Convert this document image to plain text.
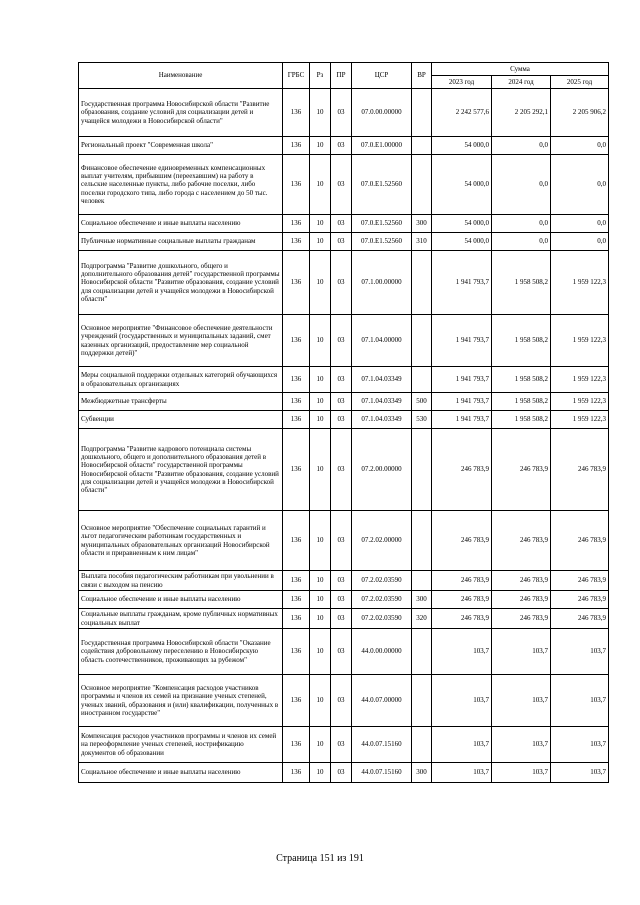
Наименование	ГРБС	Рз	ПР	ЦСР	ВР	Сумма		
						2023 год	2024 год	2025 год
Государственная программа Новосибирской области "Развитие образования, создание условий для социализации детей и учащейся молодежи в Новосибирской области"	136	10	03	07.0.00.00000		2 242 577,6	2 205 292,1	2 205 906,2
Региональный проект "Современная школа"	136	10	03	07.0.E1.00000		54 000,0	0,0	0,0
Финансовое обеспечение единовременных компенсационных выплат учителям, прибывшим (переехавшим) на работу в сельские населенные пункты, либо рабочие поселки, либо поселки городского типа, либо города с населением до 50 тыс. человек	136	10	03	07.0.E1.52560		54 000,0	0,0	0,0
Социальное обеспечение и иные выплаты населению	136	10	03	07.0.E1.52560	300	54 000,0	0,0	0,0
Публичные нормативные социальные выплаты гражданам	136	10	03	07.0.E1.52560	310	54 000,0	0,0	0,0
Подпрограмма "Развитие дошкольного, общего и дополнительного образования детей" государственной программы Новосибирской области "Развитие образования, создание условий для социализации детей и учащейся молодежи в Новосибирской области"	136	10	03	07.1.00.00000		1 941 793,7	1 958 508,2	1 959 122,3
Основное мероприятие "Финансовое обеспечение деятельности учреждений (государственных и муниципальных заданий, смет казенных организаций, предоставление мер социальной поддержки детей)"	136	10	03	07.1.04.00000		1 941 793,7	1 958 508,2	1 959 122,3
Меры социальной поддержки отдельных категорий обучающихся в образовательных организациях	136	10	03	07.1.04.03349		1 941 793,7	1 958 508,2	1 959 122,3
Межбюджетные трансферты	136	10	03	07.1.04.03349	500	1 941 793,7	1 958 508,2	1 959 122,3
Субвенции	136	10	03	07.1.04.03349	530	1 941 793,7	1 958 508,2	1 959 122,3
Подпрограмма "Развитие кадрового потенциала системы дошкольного, общего и дополнительного образования детей в Новосибирской области" государственной программы Новосибирской области "Развитие образования, создание условий для социализации детей и учащейся молодежи в Новосибирской области"	136	10	03	07.2.00.00000		246 783,9	246 783,9	246 783,9
Основное мероприятие "Обеспечение социальных гарантий и льгот педагогическим работникам государственных и муниципальных образовательных организаций Новосибирской области и приравненным к ним лицам"	136	10	03	07.2.02.00000		246 783,9	246 783,9	246 783,9
Выплата пособия педагогическим работникам при увольнении в связи с выходом на пенсию	136	10	03	07.2.02.03590		246 783,9	246 783,9	246 783,9
Социальное обеспечение и иные выплаты населению	136	10	03	07.2.02.03590	300	246 783,9	246 783,9	246 783,9
Социальные выплаты гражданам, кроме публичных нормативных социальных выплат	136	10	03	07.2.02.03590	320	246 783,9	246 783,9	246 783,9
Государственная программа Новосибирской области "Оказание содействия добровольному переселению в Новосибирскую область соотечественников, проживающих за рубежом"	136	10	03	44.0.00.00000		103,7	103,7	103,7
Основное мероприятие "Компенсация расходов участников программы и членов их семей на признание ученых степеней, ученых званий, образования и (или) квалификации, полученных в иностранном государстве"	136	10	03	44.0.07.00000		103,7	103,7	103,7
Компенсация расходов участников программы и членов их семей на переоформление ученых степеней, нострификацию документов об образовании	136	10	03	44.0.07.15160		103,7	103,7	103,7
Социальное обеспечение и иные выплаты населению	136	10	03	44.0.07.15160	300	103,7	103,7	103,7
Страница 151 из 191
